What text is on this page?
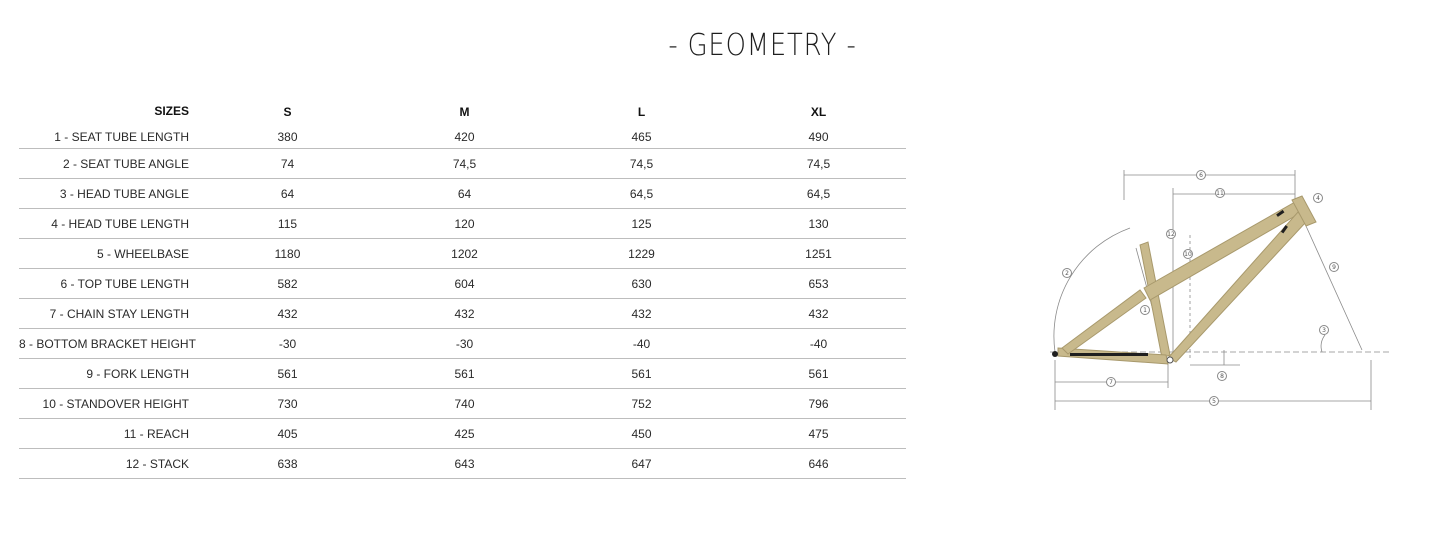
- GEOMETRY -
SIZES	S	M	L	XL
1 - SEAT TUBE LENGTH	380	420	465	490
2 - SEAT TUBE ANGLE	74	74,5	74,5	74,5
3 - HEAD TUBE ANGLE	64	64	64,5	64,5
4 - HEAD TUBE LENGTH	115	120	125	130
5 - WHEELBASE	1180	1202	1229	1251
6 - TOP TUBE LENGTH	582	604	630	653
7 - CHAIN STAY LENGTH	432	432	432	432
8 - BOTTOM BRACKET HEIGHT	-30	-30	-40	-40
9 - FORK LENGTH	561	561	561	561
10 - STANDOVER HEIGHT	730	740	752	796
11 - REACH	405	425	450	475
12 - STACK	638	643	647	646
1
2
3
4
5
6
7
8
9
10
11
12
